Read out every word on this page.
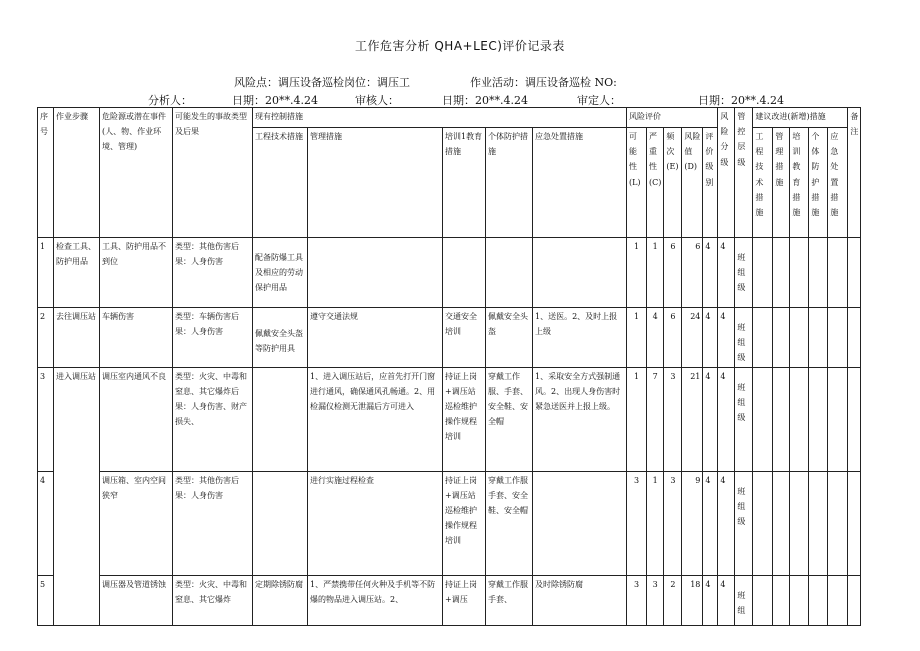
工作危害分析 QHA+LEC)评价记录表
风险点：调压设备巡检岗位：调压工	作业活动：调压设备巡检 NO:
分析人：	日期：20**.4.24	审核人：	日期：20**.4.24	审定人：	日期：20**.4.24
序号	作业步骤	危险源或潜在事件(人、物、作业环境、管理)	可能发生的事故类型及后果	现有控制措施					风险评价					风险分级	管控层级	建议改进(新增)措施					备注
				工程技术措施	管理措施	培训1教育措施	个体防护措施	应急处置措施	可能性(L)	严重性(C)	频次(E)	风险值(D)	评价级别			工程技术措施	管理措施	培训教育措施	个体防护措施	应急处置措施	
1	检查工具、防护用品	工具、防护用品不到位	类型：其他伤害后果：人身伤害	配备防爆工具及相应的劳动保护用品					1	1	6	6	4	4	班组级						
2	去往调压站	车辆伤害	类型：车辆伤害后果：人身伤害	佩戴安全头盔等防护用具	遵守交通法规	交通安全培训	佩戴安全头盔	1、送医。2、及时上报上级	1	4	6	24	4	4	班组级						
3	进入调压站	调压室内通风不良	类型：火灾、中毒和窒息、其它爆炸后果：人身伤害、财产损失、		1、进入调压站后，应首先打开门窗进行通风，确保通风孔畅通。2、用检漏仪检测无泄漏后方可进入	持证上岗+调压站巡检维护操作规程培训	穿戴工作服、手套、安全鞋、安全帽	1、采取安全方式强制通风。2、出现人身伤害时紧急送医并上报上级。	1	7	3	21	4	4	班组级						
4		调压箱、室内空间狭窄	类型：其他伤害后果：人身伤害		进行实施过程检查	持证上岗+调压站巡检维护操作规程培训	穿戴工作服手套、安全鞋、安全帽		3	1	3	9	4	4	班组级						
5		调压器及管道锈蚀	类型：火灾、中毒和窒息、其它爆炸	定期除锈防腐	1、严禁携带任何火种及手机等不防爆的物品进入调压站。2、	持证上岗+调压	穿戴工作服手套、	及时除锈防腐	3	3	2	18	4	4	班组						
